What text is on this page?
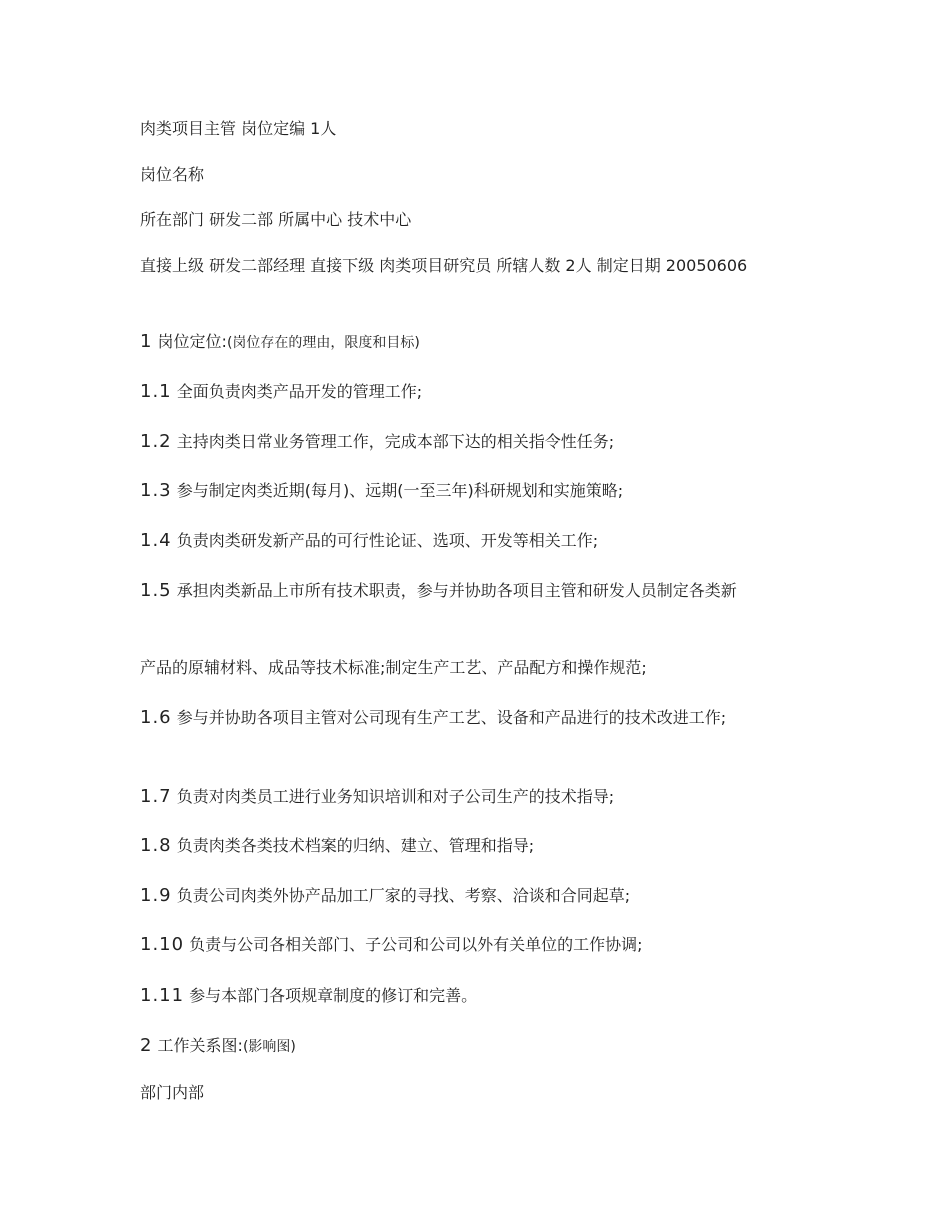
肉类项目主管 岗位定编 1人
岗位名称
所在部门 研发二部 所属中心 技术中心
直接上级 研发二部经理 直接下级 肉类项目研究员 所辖人数 2人 制定日期 20050606
1 岗位定位:(岗位存在的理由，限度和目标)
1.1 全面负责肉类产品开发的管理工作;
1.2 主持肉类日常业务管理工作，完成本部下达的相关指令性任务;
1.3 参与制定肉类近期(每月)、远期(一至三年)科研规划和实施策略;
1.4 负责肉类研发新产品的可行性论证、选项、开发等相关工作;
1.5 承担肉类新品上市所有技术职责，参与并协助各项目主管和研发人员制定各类新
产品的原辅材料、成品等技术标准;制定生产工艺、产品配方和操作规范;
1.6 参与并协助各项目主管对公司现有生产工艺、设备和产品进行的技术改进工作;
1.7 负责对肉类员工进行业务知识培训和对子公司生产的技术指导;
1.8 负责肉类各类技术档案的归纳、建立、管理和指导;
1.9 负责公司肉类外协产品加工厂家的寻找、考察、洽谈和合同起草;
1.10 负责与公司各相关部门、子公司和公司以外有关单位的工作协调;
1.11 参与本部门各项规章制度的修订和完善。
2 工作关系图:(影响图)
部门内部
